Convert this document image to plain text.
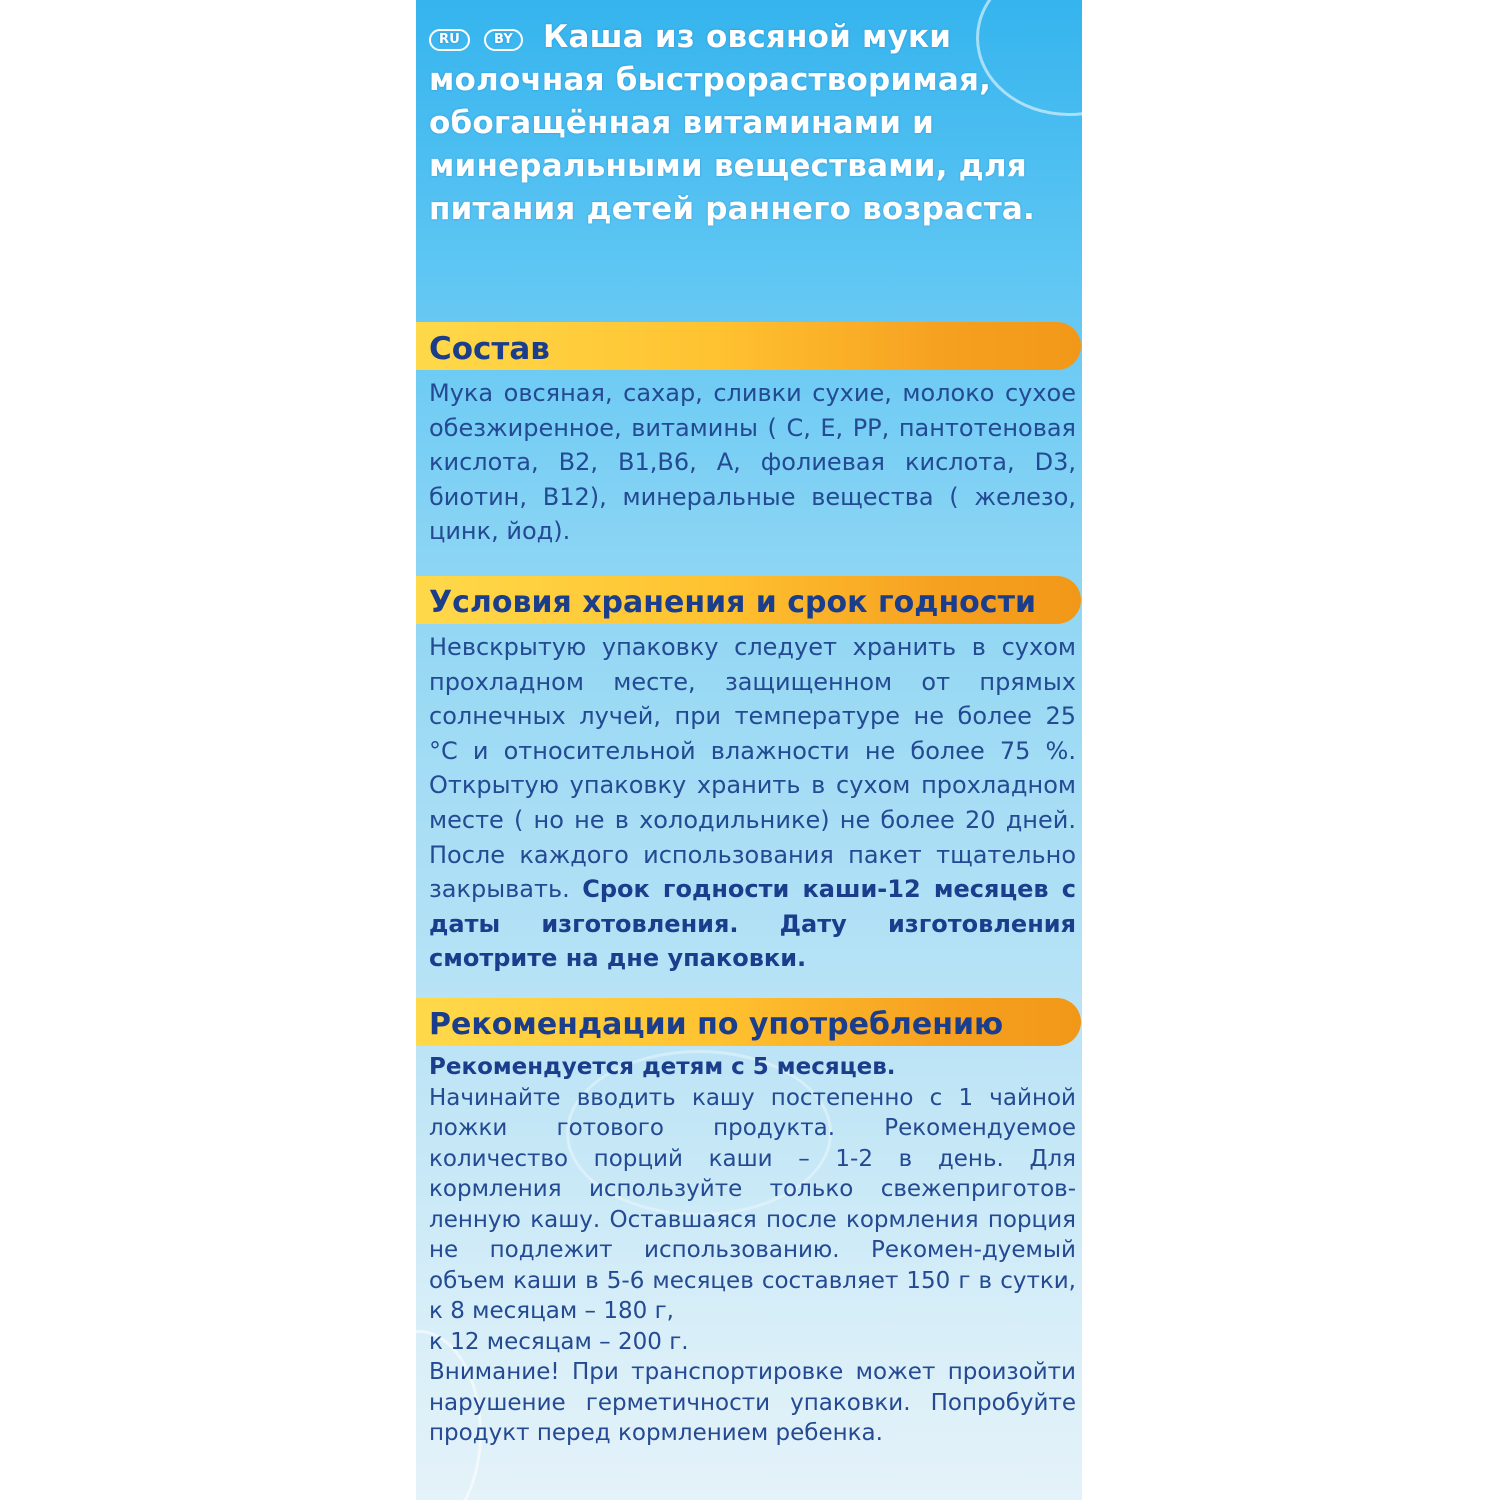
RU	BY Каша из овсяной муки молочная быстрорастворимая, обогащённая витаминами и минеральными веществами, для питания детей раннего возраста.
Состав
Мука овсяная, сахар, сливки сухие, молоко сухое обезжиренное, витамины ( С, Е, РР, пантотеновая кислота, В2, В1,В6, А, фолиевая кислота, D3, биотин, В12), минеральные вещества ( железо, цинк, йод).
Условия хранения и срок годности
Невскрытую упаковку следует хранить в сухом прохладном месте, защищенном от прямых солнечных лучей, при температуре не более 25 °С и относительной влажности не более 75 %. Открытую упаковку хранить в сухом прохладном месте ( но не в холодильнике) не более 20 дней. После каждого использования пакет тщательно закрывать. Срок годности каши-12 месяцев с даты изготовления. Дату изготовления смотрите на дне упаковки.
Рекомендации по употреблению
Рекомендуется детям с 5 месяцев.
Начинайте вводить кашу постепенно с 1 чайной ложки готового продукта. Рекомендуемое количество порций каши – 1-2 в день. Для кормления используйте только свежеприготов-ленную кашу. Оставшаяся после кормления порция не подлежит использованию. Рекомен-дуемый объем каши в 5-6 месяцев составляет 150 г в сутки, к 8 месяцам – 180 г,
к 12 месяцам – 200 г.
Внимание! При транспортировке может произойти нарушение герметичности упаковки. Попробуйте продукт перед кормлением ребенка.
